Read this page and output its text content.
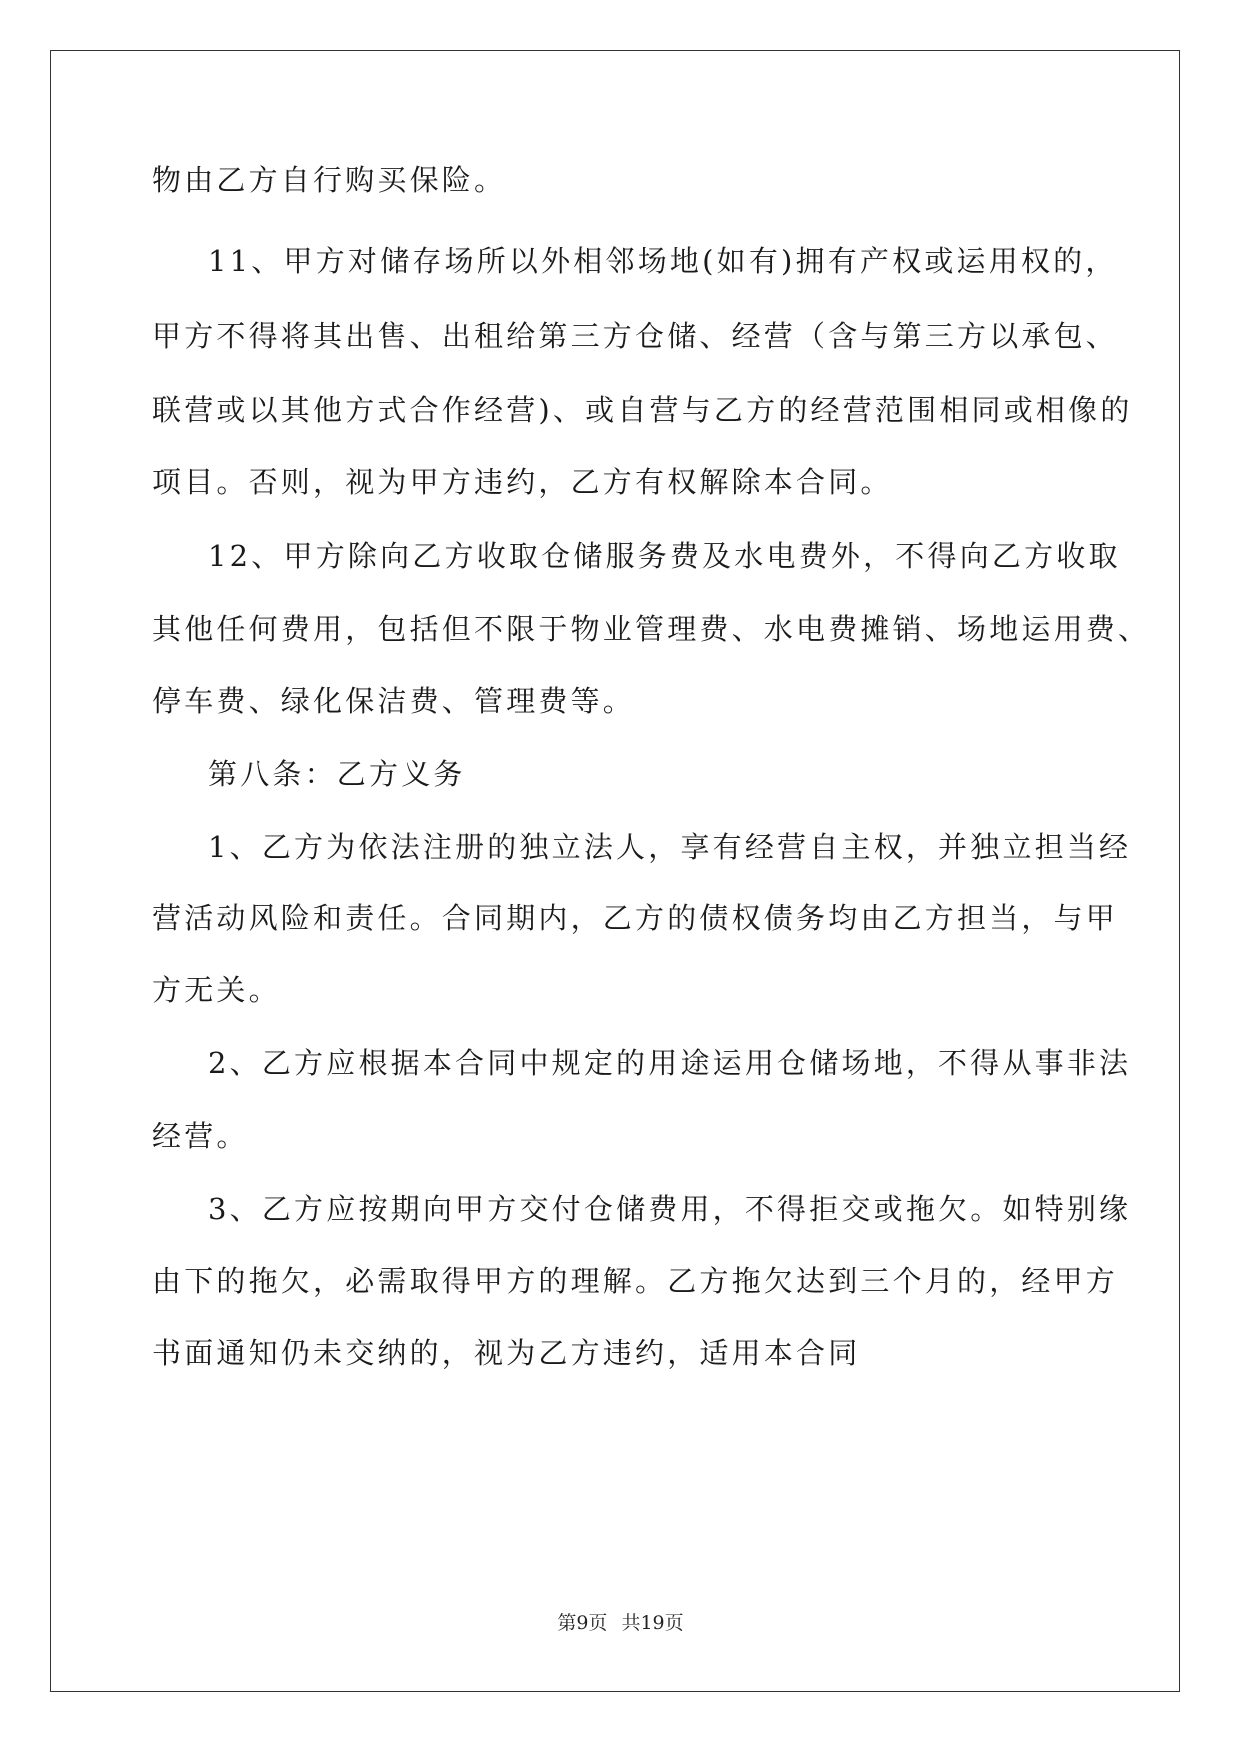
物由乙方自行购买保险。
11、甲方对储存场所以外相邻场地(如有)拥有产权或运用权的，
甲方不得将其出售、出租给第三方仓储、经营（含与第三方以承包、
联营或以其他方式合作经营)、或自营与乙方的经营范围相同或相像的
项目。否则，视为甲方违约，乙方有权解除本合同。
12、甲方除向乙方收取仓储服务费及水电费外，不得向乙方收取
其他任何费用，包括但不限于物业管理费、水电费摊销、场地运用费、
停车费、绿化保洁费、管理费等。
第八条：乙方义务
1、乙方为依法注册的独立法人，享有经营自主权，并独立担当经
营活动风险和责任。合同期内，乙方的债权债务均由乙方担当，与甲
方无关。
2、乙方应根据本合同中规定的用途运用仓储场地，不得从事非法
经营。
3、乙方应按期向甲方交付仓储费用，不得拒交或拖欠。如特别缘
由下的拖欠，必需取得甲方的理解。乙方拖欠达到三个月的，经甲方
书面通知仍未交纳的，视为乙方违约，适用本合同
第9页 共19页
